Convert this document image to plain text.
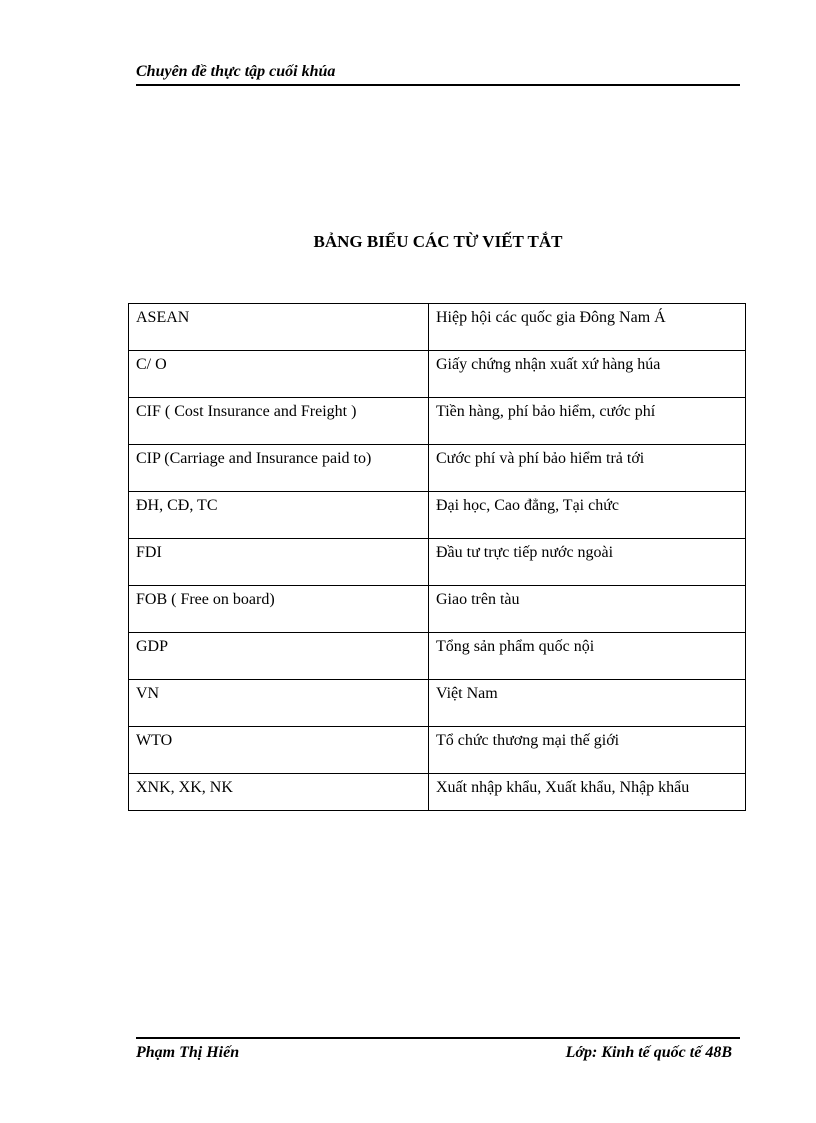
Chuyên đề thực tập cuối khúa
BẢNG BIỂU CÁC TỪ VIẾT TẮT
ASEAN	Hiệp hội các quốc gia Đông Nam Á
C/ O	Giấy chứng nhận xuất xứ hàng húa
CIF ( Cost Insurance and Freight )	Tiền hàng, phí bảo hiểm, cước phí
CIP (Carriage and Insurance paid to)	Cước phí và phí bảo hiểm trả tới
ĐH, CĐ, TC	Đại học, Cao đẳng, Tại chức
FDI	Đầu tư trực tiếp nước ngoài
FOB ( Free on board)	Giao trên tàu
GDP	Tổng sản phẩm quốc nội
VN	Việt Nam
WTO	Tổ chức thương mại thế giới
XNK, XK, NK	Xuất nhập khẩu, Xuất khẩu, Nhập khẩu
Phạm Thị Hiến	Lớp: Kinh tế quốc tế 48B
